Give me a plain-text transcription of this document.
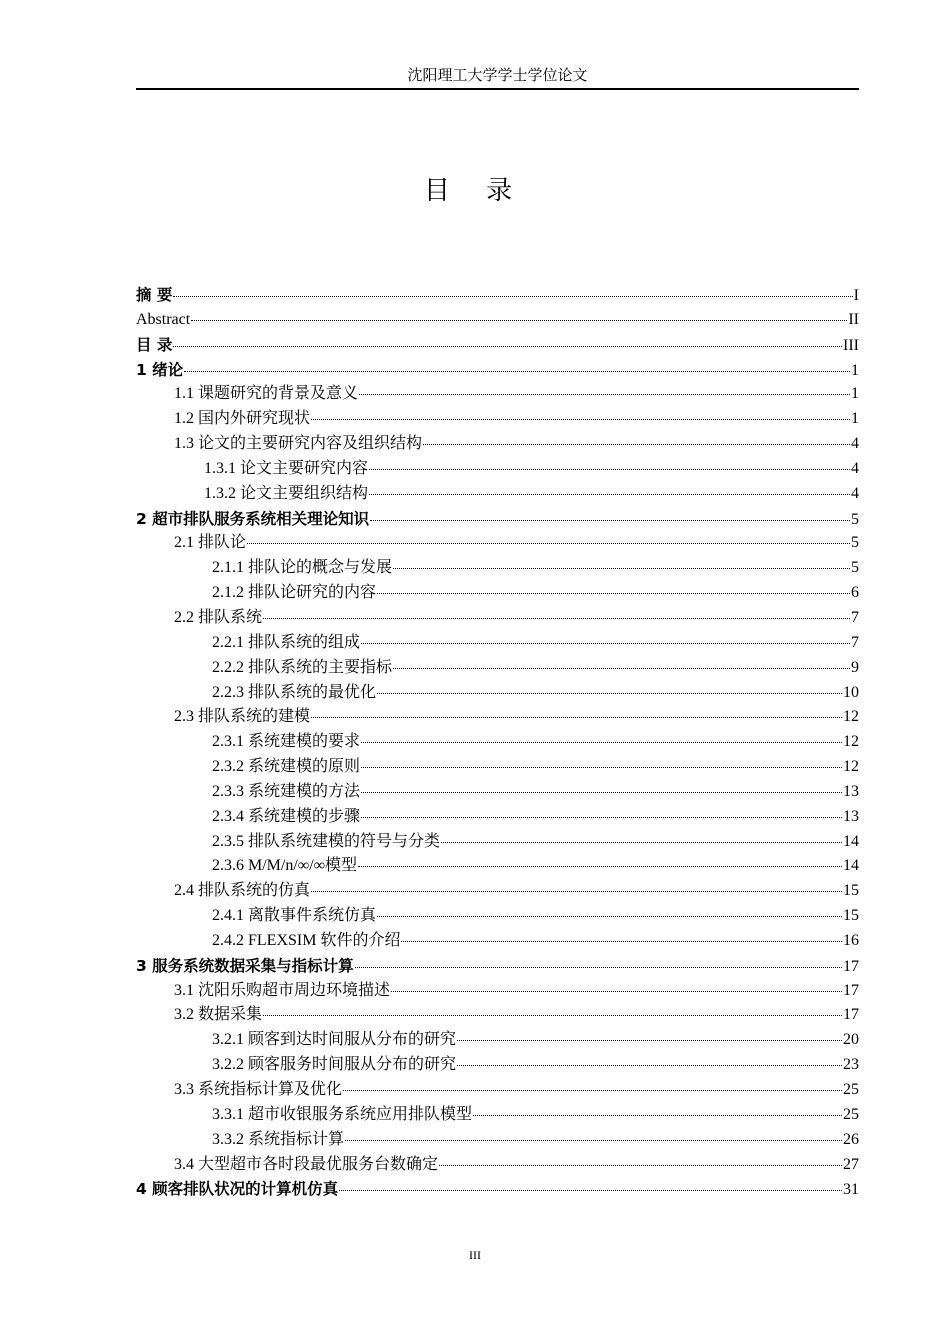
沈阳理工大学学士学位论文
目 录
摘 要	I
Abstract	II
目 录	III
1 绪论	1
1.1 课题研究的背景及意义	1
1.2 国内外研究现状	1
1.3 论文的主要研究内容及组织结构	4
1.3.1 论文主要研究内容	4
1.3.2 论文主要组织结构	4
2 超市排队服务系统相关理论知识	5
2.1 排队论	5
2.1.1 排队论的概念与发展	5
2.1.2 排队论研究的内容	6
2.2 排队系统	7
2.2.1 排队系统的组成	7
2.2.2 排队系统的主要指标	9
2.2.3 排队系统的最优化	10
2.3 排队系统的建模	12
2.3.1 系统建模的要求	12
2.3.2 系统建模的原则	12
2.3.3 系统建模的方法	13
2.3.4 系统建模的步骤	13
2.3.5 排队系统建模的符号与分类	14
2.3.6 M/M/n/∞/∞模型	14
2.4 排队系统的仿真	15
2.4.1 离散事件系统仿真	15
2.4.2 FLEXSIM 软件的介绍	16
3 服务系统数据采集与指标计算	17
3.1 沈阳乐购超市周边环境描述	17
3.2 数据采集	17
3.2.1 顾客到达时间服从分布的研究	20
3.2.2 顾客服务时间服从分布的研究	23
3.3 系统指标计算及优化	25
3.3.1 超市收银服务系统应用排队模型	25
3.3.2 系统指标计算	26
3.4 大型超市各时段最优服务台数确定	27
4 顾客排队状况的计算机仿真	31
III
